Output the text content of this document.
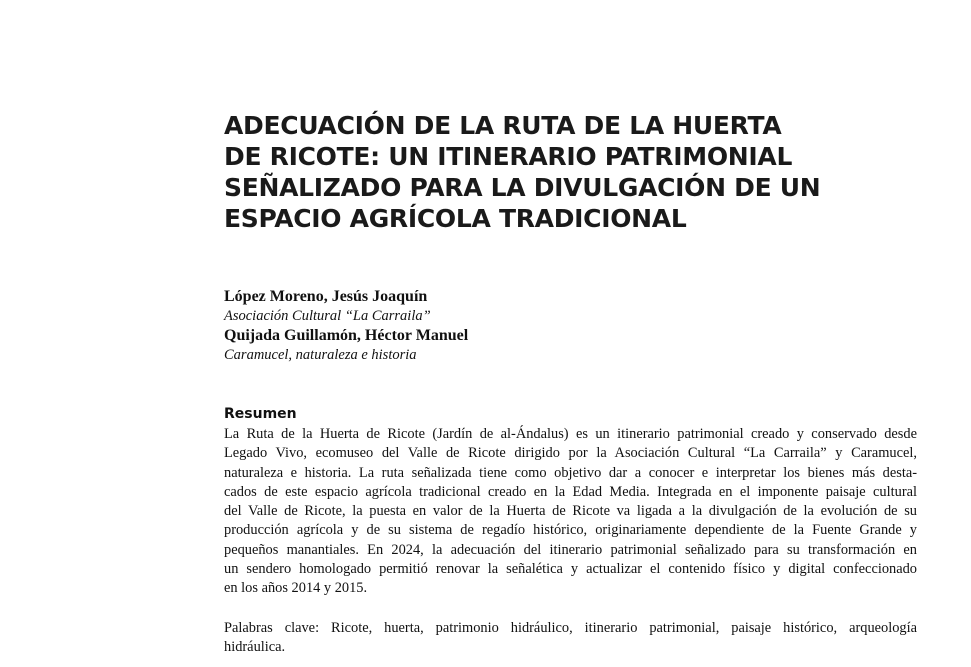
ADECUACIÓN DE LA RUTA DE LA HUERTA
DE RICOTE: UN ITINERARIO PATRIMONIAL
SEÑALIZADO PARA LA DIVULGACIÓN DE UN
ESPACIO AGRÍCOLA TRADICIONAL

López Moreno, Jesús Joaquín

Asociación Cultural “La Carraila”

Quijada Guillamón, Héctor Manuel

Caramucel, naturaleza e historia

Resumen

La Ruta de la Huerta de Ricote (Jardín de al-Ándalus) es un itinerario patrimonial creado y conservado desde

Legado Vivo, ecomuseo del Valle de Ricote dirigido por la Asociación Cultural “La Carraila” y Caramucel,

naturaleza e historia. La ruta señalizada tiene como objetivo dar a conocer e interpretar los bienes más desta-

cados de este espacio agrícola tradicional creado en la Edad Media. Integrada en el imponente paisaje cultural

del Valle de Ricote, la puesta en valor de la Huerta de Ricote va ligada a la divulgación de la evolución de su

producción agrícola y de su sistema de regadío histórico, originariamente dependiente de la Fuente Grande y

pequeños manantiales. En 2024, la adecuación del itinerario patrimonial señalizado para su transformación en

un sendero homologado permitió renovar la señalética y actualizar el contenido físico y digital confeccionado

en los años 2014 y 2015.

Palabras clave: Ricote, huerta, patrimonio hidráulico, itinerario patrimonial, paisaje histórico, arqueología

hidráulica.
